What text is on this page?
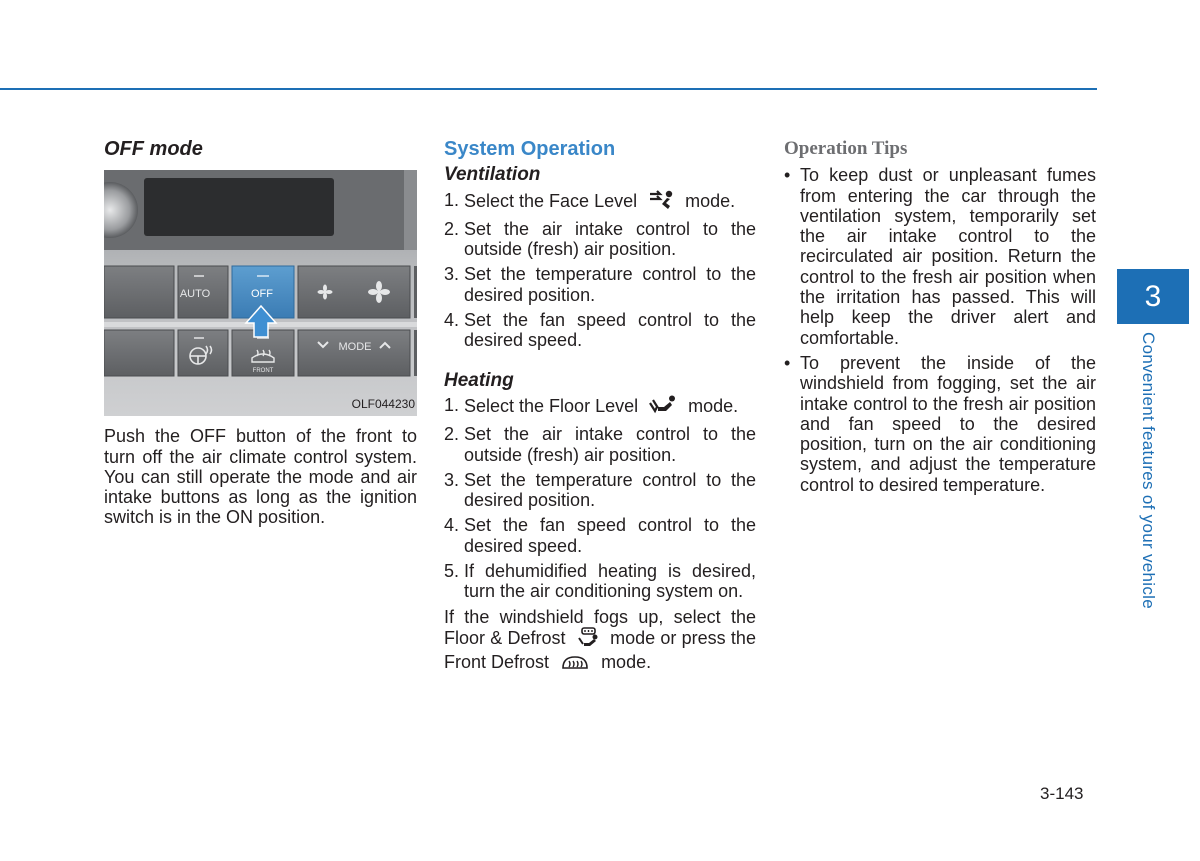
OFF mode
AUTO	OFF
FRONT
MODE
OLF044230

Push the OFF button of the front to turn off the air climate control system. You can still operate the mode and air intake buttons as long as the ignition switch is in the ON position.

System Operation
Ventilation
1. Select the Face Level	mode.
2. Set the air intake control to the outside (fresh) air position.
3. Set the temperature control to the desired position.
4. Set the fan speed control to the desired speed.
Heating
1. Select the Floor Level	mode.
2. Set the air intake control to the outside (fresh) air position.
3. Set the temperature control to the desired position.
4. Set the fan speed control to the desired speed.
5. If dehumidified heating is desired, turn the air conditioning system on.

If the windshield fogs up, select the Floor & Defrost mode or press the Front Defrost	mode.

Operation Tips
• To keep dust or unpleasant fumes from entering the car through the ventilation system, temporarily set the air intake control to the recirculated air position. Return the control to the fresh air position when the irritation has passed. This will help keep the driver alert and comfortable.
• To prevent the inside of the windshield from fogging, set the air intake control to the fresh air position and fan speed to the desired position, turn on the air conditioning system, and adjust the temperature control to desired temperature.
3
Convenient features of your vehicle
3-143
